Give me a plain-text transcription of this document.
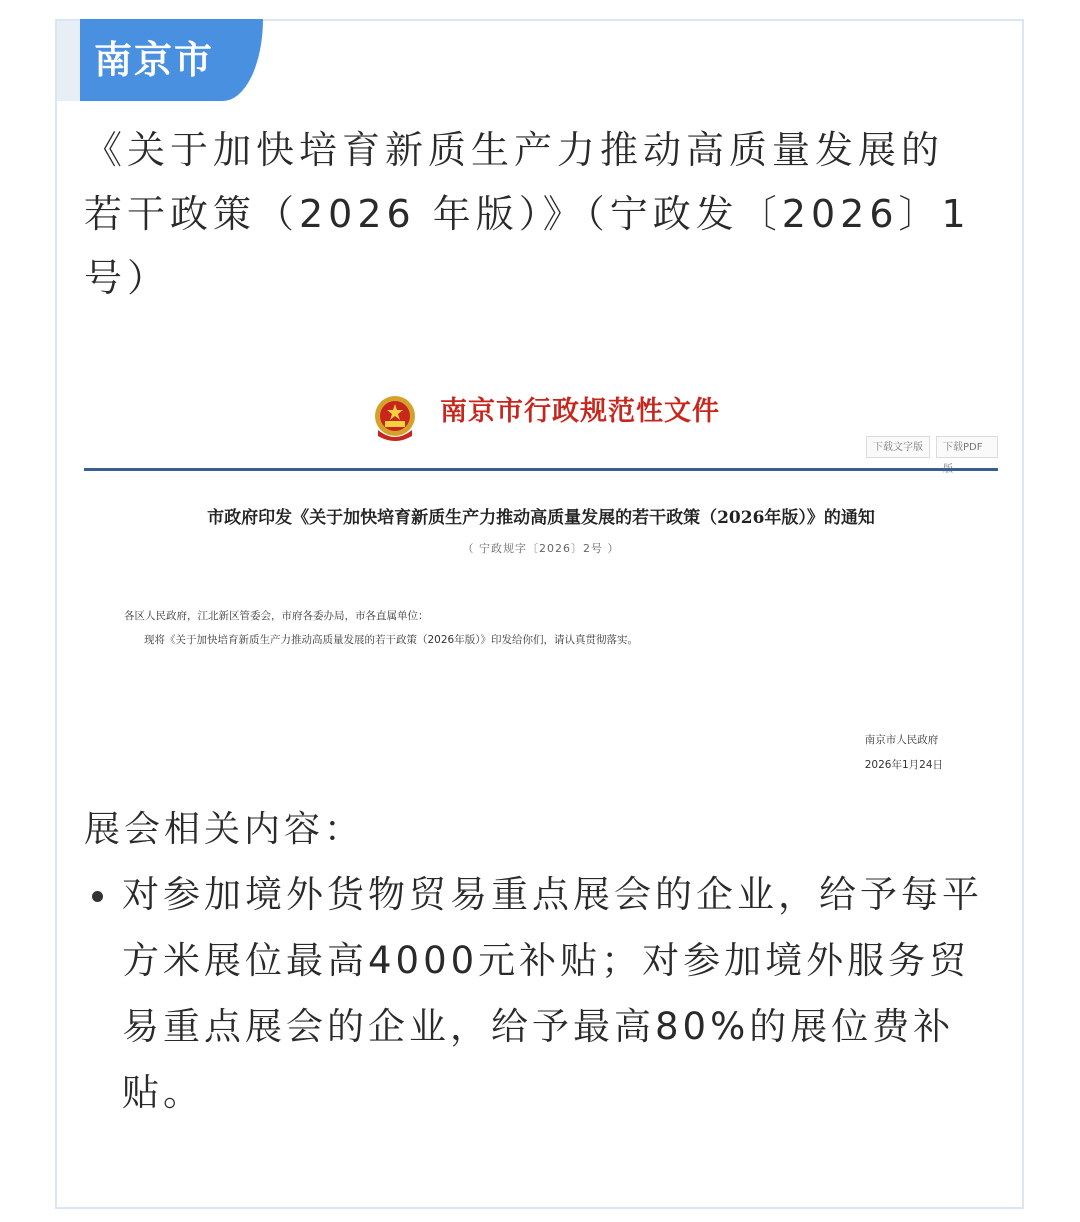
南京市
《关于加快培育新质生产力推动高质量发展的若干政策（2026 年版）》（宁政发〔2026〕1号）
南京市行政规范性文件
下载文字版	下载PDF
市政府印发《关于加快培育新质生产力推动高质量发展的若干政策（2026年版）》的通知
（ 宁政规字〔2026〕2号 ）
各区人民政府，江北新区管委会，市府各委办局，市各直属单位：
现将《关于加快培育新质生产力推动高质量发展的若干政策（2026年版）》印发给你们，请认真贯彻落实。
南京市人民政府
2026年1月24日
展会相关内容：
对参加境外货物贸易重点展会的企业，给予每平方米展位最高4000元补贴；对参加境外服务贸易重点展会的企业，给予最高80%的展位费补贴。
